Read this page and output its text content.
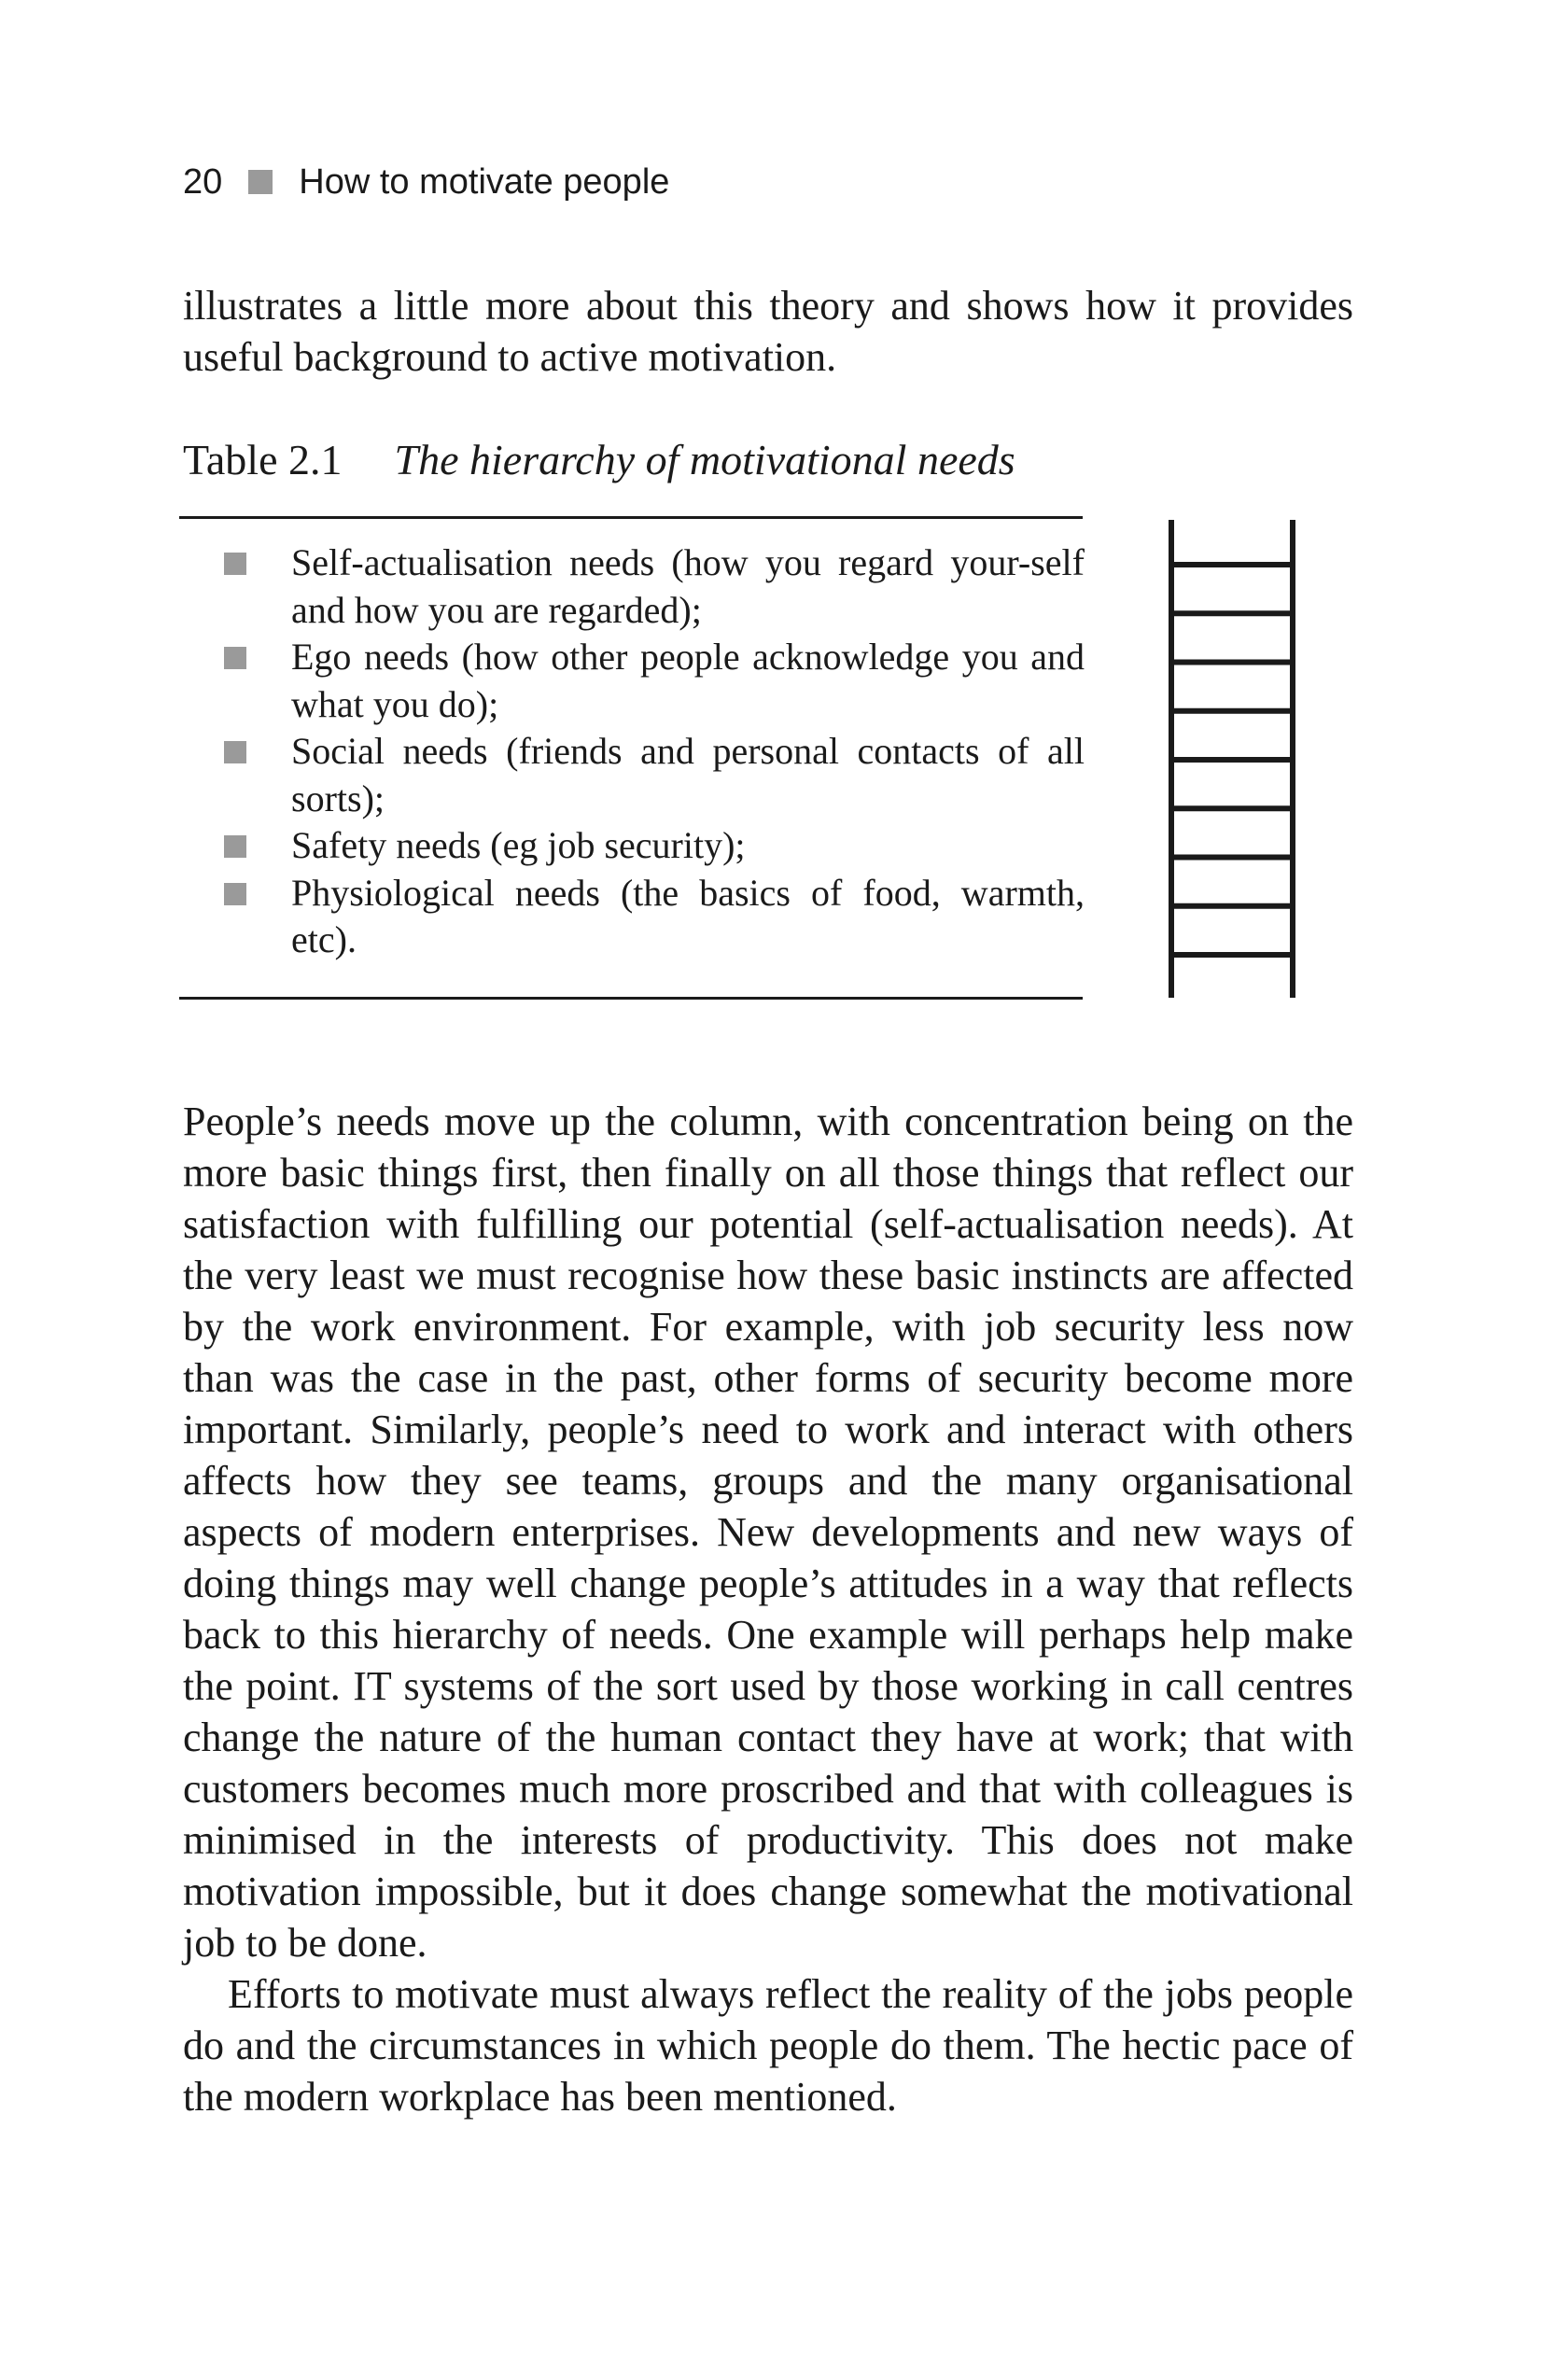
20 How to motivate people

illustrates a little more about this theory and shows how it provides useful background to active motivation.

Table 2.1 The hierarchy of motivational needs
Self-actualisation needs (how you regard your-self and how you are regarded);
Ego needs (how other people acknowledge you and what you do);
Social needs (friends and personal contacts of all sorts);
Safety needs (eg job security);
Physiological needs (the basics of food, warmth, etc).

People’s needs move up the column, with concentration being on the more basic things first, then finally on all those things that reflect our satisfaction with fulfilling our potential (self-actualisation needs). At the very least we must recognise how these basic instincts are affected by the work environment. For example, with job security less now than was the case in the past, other forms of security become more important. Similarly, people’s need to work and interact with others affects how they see teams, groups and the many organisational aspects of modern enterprises. New developments and new ways of doing things may well change people’s attitudes in a way that reflects back to this hierarchy of needs. One example will perhaps help make the point. IT systems of the sort used by those working in call centres change the nature of the human contact they have at work; that with customers becomes much more proscribed and that with colleagues is minimised in the interests of productivity. This does not make motivation impossible, but it does change somewhat the motivational job to be done.

Efforts to motivate must always reflect the reality of the jobs people do and the circumstances in which people do them. The hectic pace of the modern workplace has been mentioned.
